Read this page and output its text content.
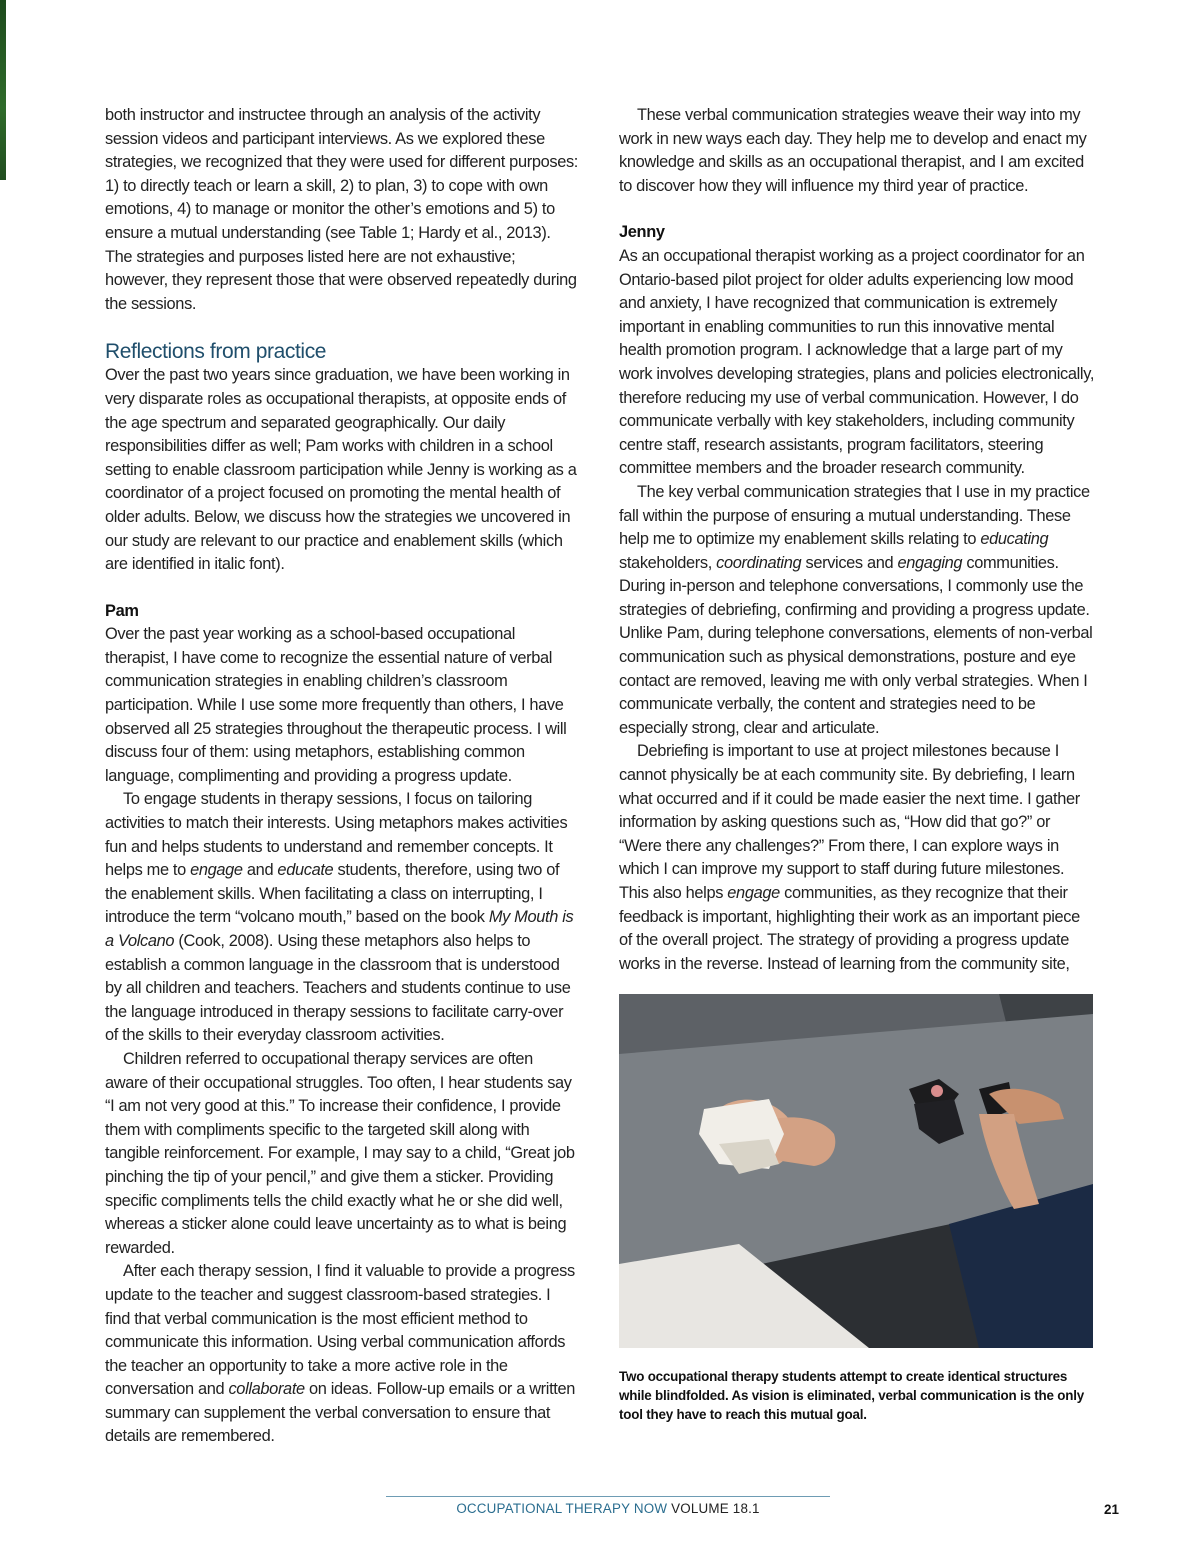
both instructor and instructee through an analysis of the activity session videos and participant interviews. As we explored these strategies, we recognized that they were used for different purposes: 1) to directly teach or learn a skill, 2) to plan, 3) to cope with own emotions, 4) to manage or monitor the other’s emotions and 5) to ensure a mutual understanding (see Table 1; Hardy et al., 2013). The strategies and purposes listed here are not exhaustive; however, they represent those that were observed repeatedly during the sessions.

Reflections from practice

Over the past two years since graduation, we have been working in very disparate roles as occupational therapists, at opposite ends of the age spectrum and separated geographically. Our daily responsibilities differ as well; Pam works with children in a school setting to enable classroom participation while Jenny is working as a coordinator of a project focused on promoting the mental health of older adults. Below, we discuss how the strategies we uncovered in our study are relevant to our practice and enablement skills (which are identified in italic font).

Pam

Over the past year working as a school-based occupational therapist, I have come to recognize the essential nature of verbal communication strategies in enabling children’s classroom participation. While I use some more frequently than others, I have observed all 25 strategies throughout the therapeutic process. I will discuss four of them: using metaphors, establishing common language, complimenting and providing a progress update.

To engage students in therapy sessions, I focus on tailoring activities to match their interests. Using metaphors makes activities fun and helps students to understand and remember concepts. It helps me to engage and educate students, therefore, using two of the enablement skills. When facilitating a class on interrupting, I introduce the term “volcano mouth,” based on the book My Mouth is a Volcano (Cook, 2008). Using these metaphors also helps to establish a common language in the classroom that is understood by all children and teachers. Teachers and students continue to use the language introduced in therapy sessions to facilitate carry-over of the skills to their everyday classroom activities.

Children referred to occupational therapy services are often aware of their occupational struggles. Too often, I hear students say “I am not very good at this.” To increase their confidence, I provide them with compliments specific to the targeted skill along with tangible reinforcement. For example, I may say to a child, “Great job pinching the tip of your pencil,” and give them a sticker. Providing specific compliments tells the child exactly what he or she did well, whereas a sticker alone could leave uncertainty as to what is being rewarded.

After each therapy session, I find it valuable to provide a progress update to the teacher and suggest classroom-based strategies. I find that verbal communication is the most efficient method to communicate this information. Using verbal communication affords the teacher an opportunity to take a more active role in the conversation and collaborate on ideas. Follow-up emails or a written summary can supplement the verbal conversation to ensure that details are remembered.

These verbal communication strategies weave their way into my work in new ways each day. They help me to develop and enact my knowledge and skills as an occupational therapist, and I am excited to discover how they will influence my third year of practice.

Jenny

As an occupational therapist working as a project coordinator for an Ontario-based pilot project for older adults experiencing low mood and anxiety, I have recognized that communication is extremely important in enabling communities to run this innovative mental health promotion program. I acknowledge that a large part of my work involves developing strategies, plans and policies electronically, therefore reducing my use of verbal communication. However, I do communicate verbally with key stakeholders, including community centre staff, research assistants, program facilitators, steering committee members and the broader research community.

The key verbal communication strategies that I use in my practice fall within the purpose of ensuring a mutual understanding. These help me to optimize my enablement skills relating to educating stakeholders, coordinating services and engaging communities. During in-person and telephone conversations, I commonly use the strategies of debriefing, confirming and providing a progress update. Unlike Pam, during telephone conversations, elements of non-verbal communication such as physical demonstrations, posture and eye contact are removed, leaving me with only verbal strategies. When I communicate verbally, the content and strategies need to be especially strong, clear and articulate.

Debriefing is important to use at project milestones because I cannot physically be at each community site. By debriefing, I learn what occurred and if it could be made easier the next time. I gather information by asking questions such as, “How did that go?” or “Were there any challenges?” From there, I can explore ways in which I can improve my support to staff during future milestones. This also helps engage communities, as they recognize that their feedback is important, highlighting their work as an important piece of the overall project. The strategy of providing a progress update works in the reverse. Instead of learning from the community site,

Two occupational therapy students attempt to create identical structures while blindfolded. As vision is eliminated, verbal communication is the only tool they have to reach this mutual goal.
OCCUPATIONAL THERAPY NOW VOLUME 18.1	21
